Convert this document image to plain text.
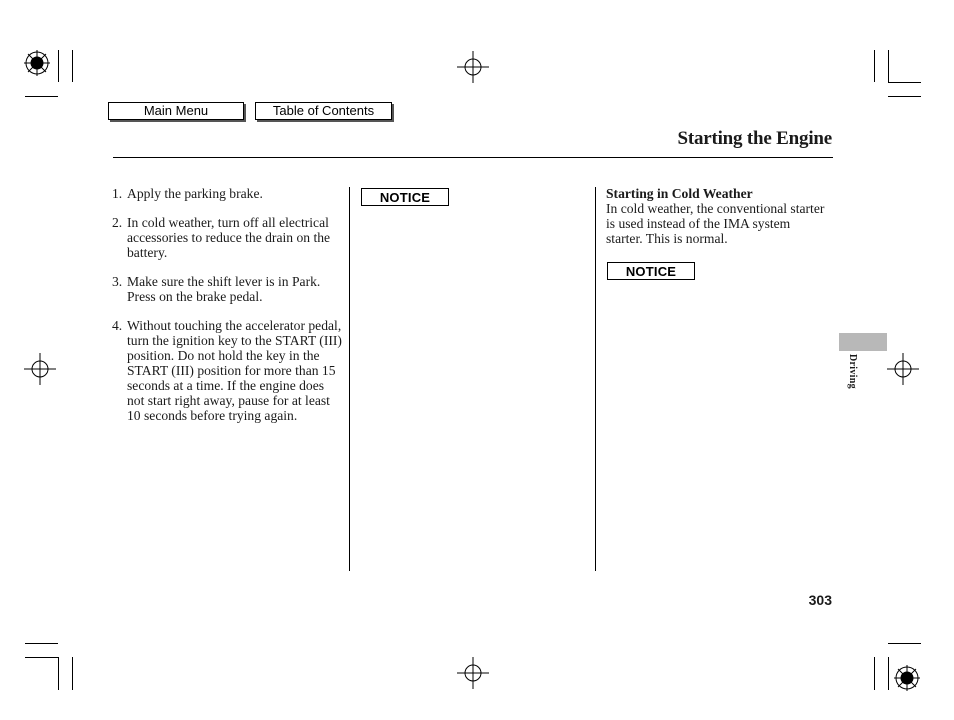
Main Menu	Table of Contents
Starting the Engine
1. Apply the parking brake.
2. In cold weather, turn off all electrical accessories to reduce the drain on the battery.
3. Make sure the shift lever is in Park. Press on the brake pedal.
4. Without touching the accelerator pedal, turn the ignition key to the START (III) position. Do not hold the key in the START (III) position for more than 15 seconds at a time. If the engine does not start right away, pause for at least 10 seconds before trying again.
NOTICE
NOTICE
Starting in Cold Weather
In cold weather, the conventional starter is used instead of the IMA system starter. This is normal.
Driving
303
